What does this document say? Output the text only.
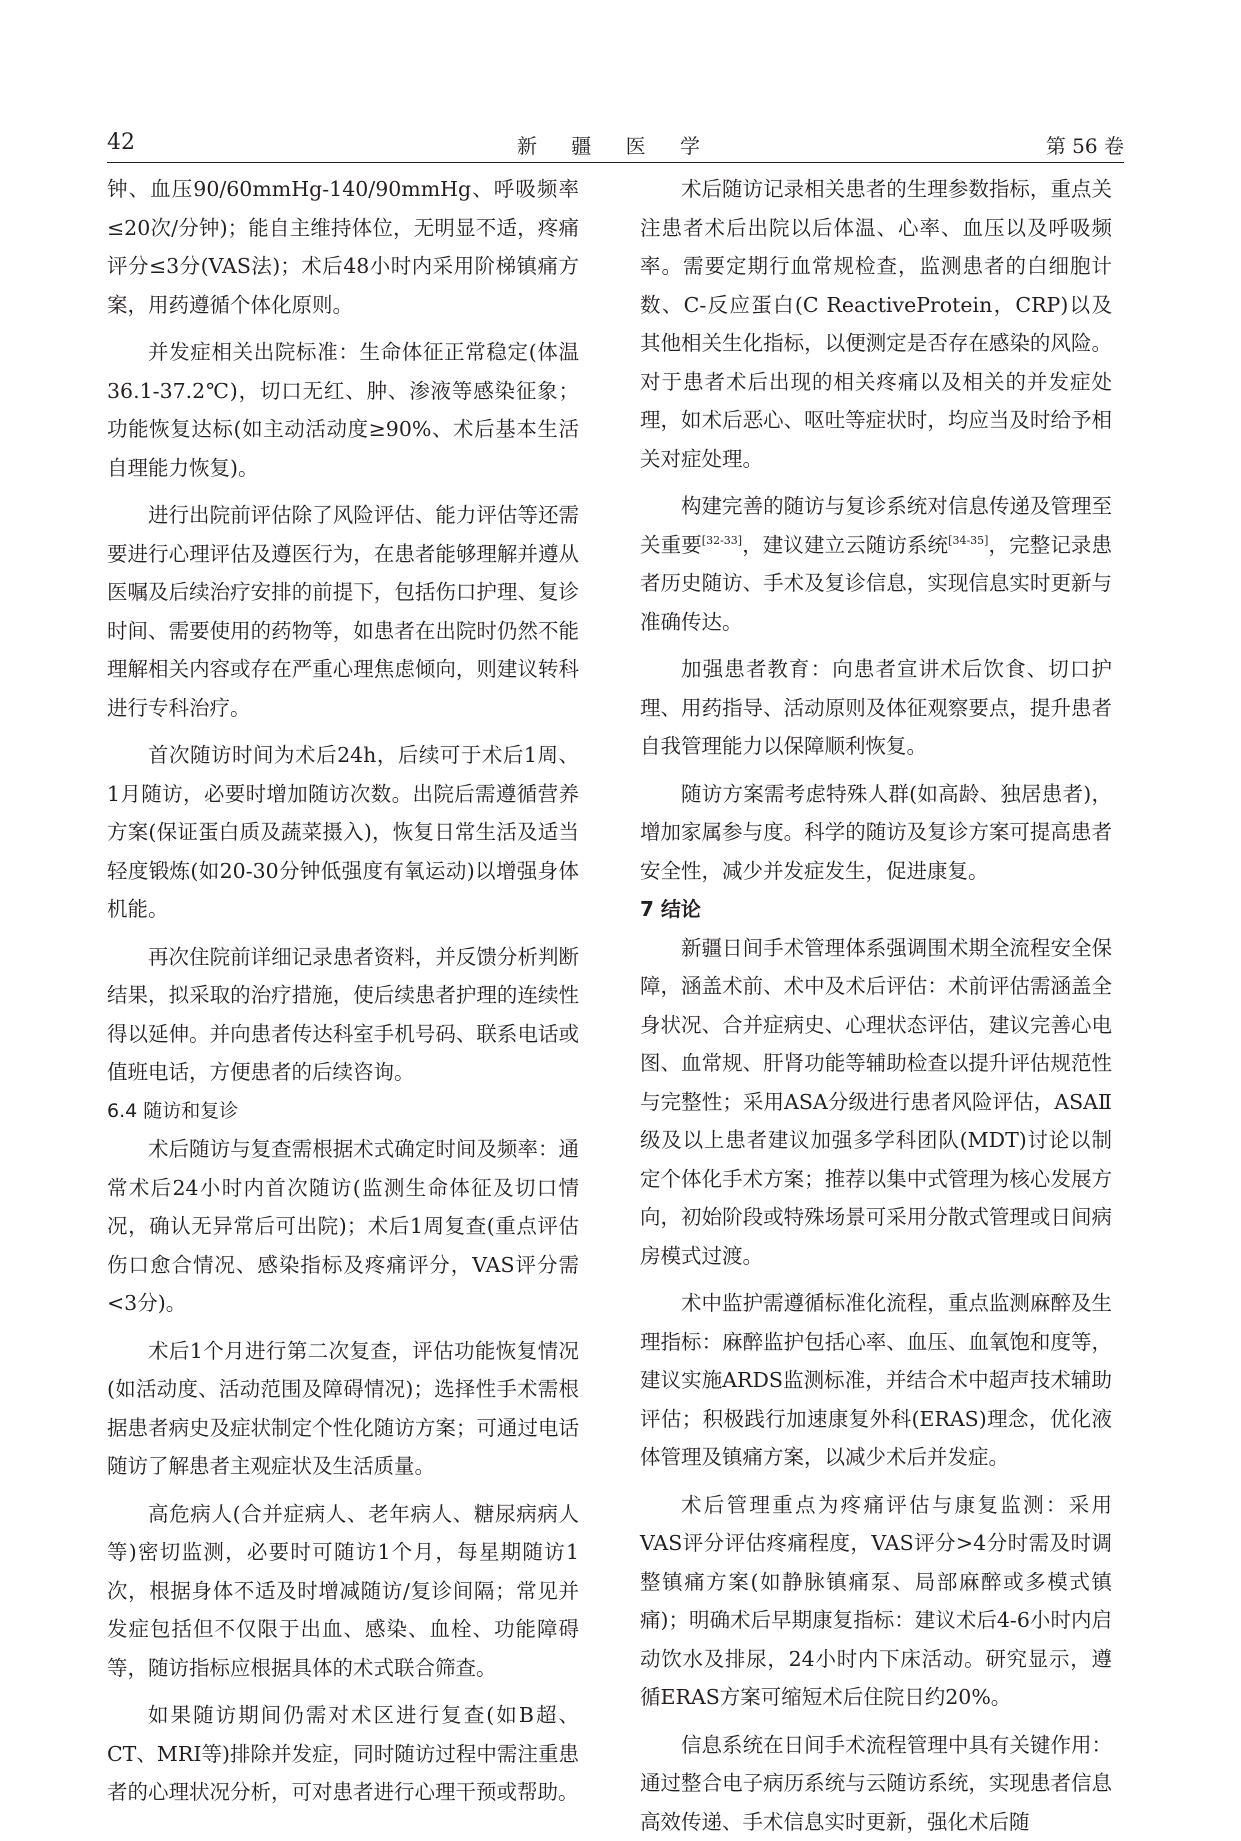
42	新 疆 医 学	第 56 卷

钟、血压90/60mmHg-140/90mmHg、呼吸频率≤20次/分钟)；能自主维持体位，无明显不适，疼痛评分≤3分(VAS法)；术后48小时内采用阶梯镇痛方案，用药遵循个体化原则。

并发症相关出院标准：生命体征正常稳定(体温36.1-37.2℃)，切口无红、肿、渗液等感染征象；功能恢复达标(如主动活动度≥90%、术后基本生活自理能力恢复)。

进行出院前评估除了风险评估、能力评估等还需要进行心理评估及遵医行为，在患者能够理解并遵从医嘱及后续治疗安排的前提下，包括伤口护理、复诊时间、需要使用的药物等，如患者在出院时仍然不能理解相关内容或存在严重心理焦虑倾向，则建议转科进行专科治疗。

首次随访时间为术后24h，后续可于术后1周、1月随访，必要时增加随访次数。出院后需遵循营养方案(保证蛋白质及蔬菜摄入)，恢复日常生活及适当轻度锻炼(如20-30分钟低强度有氧运动)以增强身体机能。

再次住院前详细记录患者资料，并反馈分析判断结果，拟采取的治疗措施，使后续患者护理的连续性得以延伸。并向患者传达科室手机号码、联系电话或值班电话，方便患者的后续咨询。

6.4 随访和复诊

术后随访与复查需根据术式确定时间及频率：通常术后24小时内首次随访(监测生命体征及切口情况，确认无异常后可出院)；术后1周复查(重点评估伤口愈合情况、感染指标及疼痛评分，VAS评分需<3分)。

术后1个月进行第二次复查，评估功能恢复情况(如活动度、活动范围及障碍情况)；选择性手术需根据患者病史及症状制定个性化随访方案；可通过电话随访了解患者主观症状及生活质量。

高危病人(合并症病人、老年病人、糖尿病病人等)密切监测，必要时可随访1个月，每星期随访1次，根据身体不适及时增减随访/复诊间隔；常见并发症包括但不仅限于出血、感染、血栓、功能障碍等，随访指标应根据具体的术式联合筛查。

如果随访期间仍需对术区进行复查(如B超、CT、MRI等)排除并发症，同时随访过程中需注重患者的心理状况分析，可对患者进行心理干预或帮助。

术后随访记录相关患者的生理参数指标，重点关注患者术后出院以后体温、心率、血压以及呼吸频率。需要定期行血常规检查，监测患者的白细胞计数、C-反应蛋白(C ReactiveProtein，CRP)以及其他相关生化指标，以便测定是否存在感染的风险。对于患者术后出现的相关疼痛以及相关的并发症处理，如术后恶心、呕吐等症状时，均应当及时给予相关对症处理。

构建完善的随访与复诊系统对信息传递及管理至关重要[32-33]，建议建立云随访系统[34-35]，完整记录患者历史随访、手术及复诊信息，实现信息实时更新与准确传达。

加强患者教育：向患者宣讲术后饮食、切口护理、用药指导、活动原则及体征观察要点，提升患者自我管理能力以保障顺利恢复。

随访方案需考虑特殊人群(如高龄、独居患者)，增加家属参与度。科学的随访及复诊方案可提高患者安全性，减少并发症发生，促进康复。

7 结论

新疆日间手术管理体系强调围术期全流程安全保障，涵盖术前、术中及术后评估：术前评估需涵盖全身状况、合并症病史、心理状态评估，建议完善心电图、血常规、肝肾功能等辅助检查以提升评估规范性与完整性；采用ASA分级进行患者风险评估，ASAⅡ级及以上患者建议加强多学科团队(MDT)讨论以制定个体化手术方案；推荐以集中式管理为核心发展方向，初始阶段或特殊场景可采用分散式管理或日间病房模式过渡。

术中监护需遵循标准化流程，重点监测麻醉及生理指标：麻醉监护包括心率、血压、血氧饱和度等，建议实施ARDS监测标准，并结合术中超声技术辅助评估；积极践行加速康复外科(ERAS)理念，优化液体管理及镇痛方案，以减少术后并发症。

术后管理重点为疼痛评估与康复监测：采用VAS评分评估疼痛程度，VAS评分>4分时需及时调整镇痛方案(如静脉镇痛泵、局部麻醉或多模式镇痛)；明确术后早期康复指标：建议术后4-6小时内启动饮水及排尿，24小时内下床活动。研究显示，遵循ERAS方案可缩短术后住院日约20%。

信息系统在日间手术流程管理中具有关键作用：通过整合电子病历系统与云随访系统，实现患者信息高效传递、手术信息实时更新，强化术后随
